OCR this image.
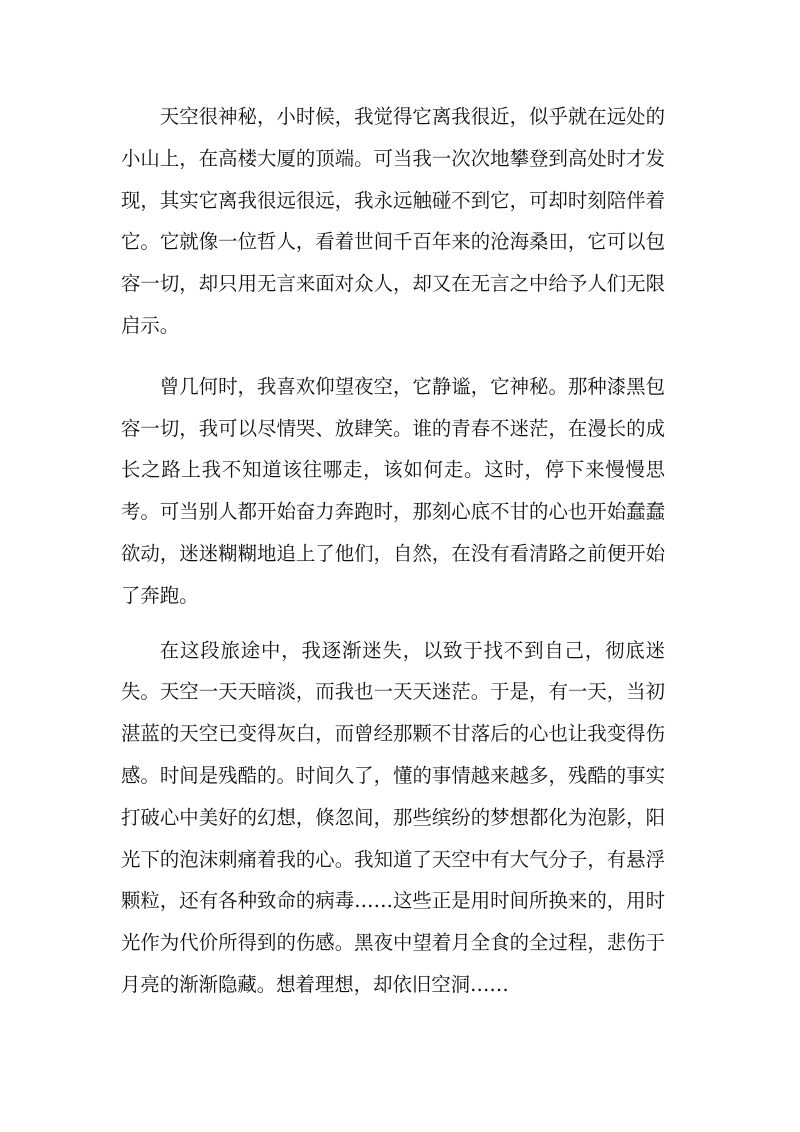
天空很神秘，小时候，我觉得它离我很近，似乎就在远处的小山上，在高楼大厦的顶端。可当我一次次地攀登到高处时才发现，其实它离我很远很远，我永远触碰不到它，可却时刻陪伴着它。它就像一位哲人，看着世间千百年来的沧海桑田，它可以包容一切，却只用无言来面对众人，却又在无言之中给予人们无限启示。

曾几何时，我喜欢仰望夜空，它静谧，它神秘。那种漆黑包容一切，我可以尽情哭、放肆笑。谁的青春不迷茫，在漫长的成长之路上我不知道该往哪走，该如何走。这时，停下来慢慢思考。可当别人都开始奋力奔跑时，那刻心底不甘的心也开始蠢蠢欲动，迷迷糊糊地追上了他们，自然，在没有看清路之前便开始了奔跑。

在这段旅途中，我逐渐迷失，以致于找不到自己，彻底迷失。天空一天天暗淡，而我也一天天迷茫。于是，有一天，当初湛蓝的天空已变得灰白，而曾经那颗不甘落后的心也让我变得伤感。时间是残酷的。时间久了，懂的事情越来越多，残酷的事实打破心中美好的幻想，倏忽间，那些缤纷的梦想都化为泡影，阳光下的泡沫刺痛着我的心。我知道了天空中有大气分子，有悬浮颗粒，还有各种致命的病毒……这些正是用时间所换来的，用时光作为代价所得到的伤感。黑夜中望着月全食的全过程，悲伤于月亮的渐渐隐藏。想着理想，却依旧空洞……
